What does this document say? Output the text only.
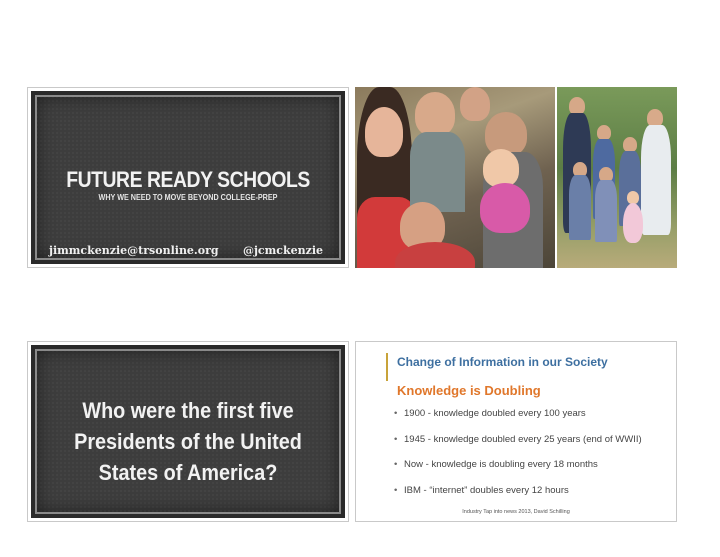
FUTURE READY SCHOOLS
WHY WE NEED TO MOVE BEYOND COLLEGE-PREP
jimmckenzie@trsonline.org @jcmckenzie
Who were the first five Presidents of the United States of America?
Change of Information in our Society
Knowledge is Doubling
• 1900 - knowledge doubled every 100 years
• 1945 - knowledge doubled every 25 years (end of WWII)
• Now - knowledge is doubling every 18 months
• IBM - “internet” doubles every 12 hours
Industry Tap into news 2013, David Schilling
